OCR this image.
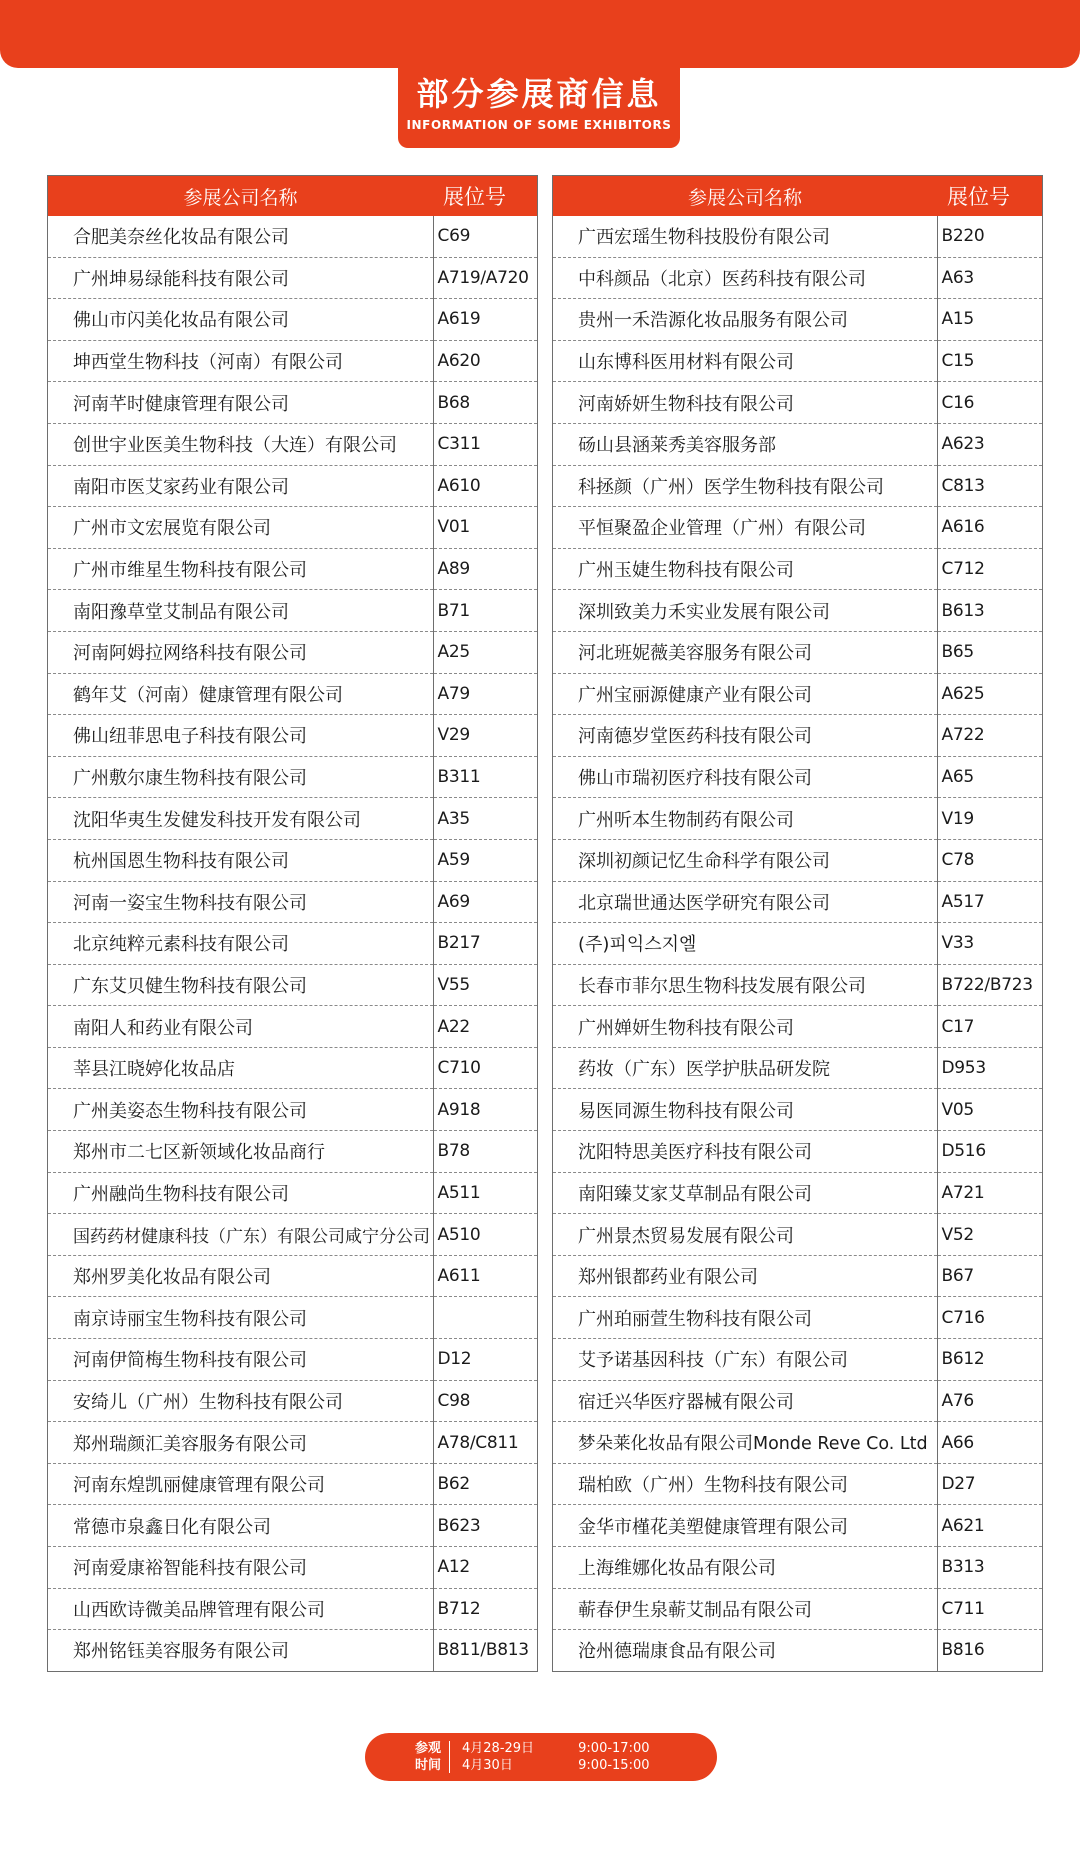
部分参展商信息
INFORMATION OF SOME EXHIBITORS
参展公司名称	展位号
合肥美奈丝化妆品有限公司	C69
广州坤易绿能科技有限公司	A719/A720
佛山市闪美化妆品有限公司	A619
坤西堂生物科技（河南）有限公司	A620
河南芊时健康管理有限公司	B68
创世宇业医美生物科技（大连）有限公司	C311
南阳市医艾家药业有限公司	A610
广州市文宏展览有限公司	V01
广州市维星生物科技有限公司	A89
南阳豫草堂艾制品有限公司	B71
河南阿姆拉网络科技有限公司	A25
鹤年艾（河南）健康管理有限公司	A79
佛山纽菲思电子科技有限公司	V29
广州敷尔康生物科技有限公司	B311
沈阳华夷生发健发科技开发有限公司	A35
杭州国恩生物科技有限公司	A59
河南一姿宝生物科技有限公司	A69
北京纯粹元素科技有限公司	B217
广东艾贝健生物科技有限公司	V55
南阳人和药业有限公司	A22
莘县江晓婷化妆品店	C710
广州美姿态生物科技有限公司	A918
郑州市二七区新领域化妆品商行	B78
广州融尚生物科技有限公司	A511
国药药材健康科技（广东）有限公司咸宁分公司	A510
郑州罗美化妆品有限公司	A611
南京诗丽宝生物科技有限公司	
河南伊简梅生物科技有限公司	D12
安绮儿（广州）生物科技有限公司	C98
郑州瑞颜汇美容服务有限公司	A78/C811
河南东煌凯丽健康管理有限公司	B62
常德市泉鑫日化有限公司	B623
河南爱康裕智能科技有限公司	A12
山西欧诗微美品牌管理有限公司	B712
郑州铭钰美容服务有限公司	B811/B813
参展公司名称	展位号
广西宏瑶生物科技股份有限公司	B220
中科颜品（北京）医药科技有限公司	A63
贵州一禾浩源化妆品服务有限公司	A15
山东博科医用材料有限公司	C15
河南娇妍生物科技有限公司	C16
砀山县涵莱秀美容服务部	A623
科拯颜（广州）医学生物科技有限公司	C813
平恒聚盈企业管理（广州）有限公司	A616
广州玉婕生物科技有限公司	C712
深圳致美力禾实业发展有限公司	B613
河北班妮薇美容服务有限公司	B65
广州宝丽源健康产业有限公司	A625
河南德岁堂医药科技有限公司	A722
佛山市瑞初医疗科技有限公司	A65
广州听本生物制药有限公司	V19
深圳初颜记忆生命科学有限公司	C78
北京瑞世通达医学研究有限公司	A517
(주)피익스지엘	V33
长春市菲尔思生物科技发展有限公司	B722/B723
广州婵妍生物科技有限公司	C17
药妆（广东）医学护肤品研发院	D953
易医同源生物科技有限公司	V05
沈阳特思美医疗科技有限公司	D516
南阳臻艾家艾草制品有限公司	A721
广州景杰贸易发展有限公司	V52
郑州银都药业有限公司	B67
广州珀丽萱生物科技有限公司	C716
艾予诺基因科技（广东）有限公司	B612
宿迁兴华医疗器械有限公司	A76
梦朵莱化妆品有限公司Monde Reve Co. Ltd	A66
瑞柏欧（广州）生物科技有限公司	D27
金华市槿花美塑健康管理有限公司	A621
上海维娜化妆品有限公司	B313
蕲春伊生泉蕲艾制品有限公司	C711
沧州德瑞康食品有限公司	B816
参观时间
4月28-29日	9:00-17:00
4月30日	9:00-15:00
